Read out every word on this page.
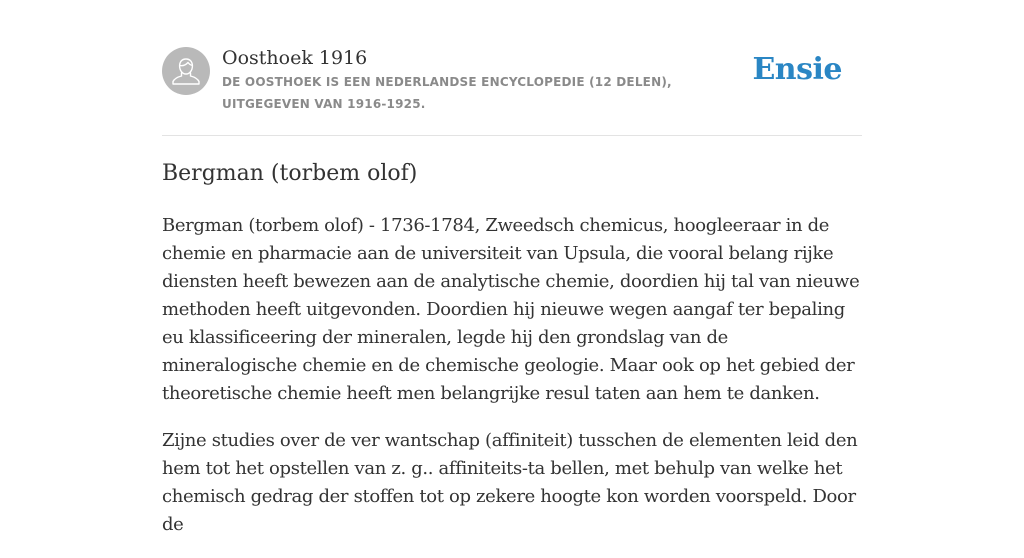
Oosthoek 1916
DE OOSTHOEK IS EEN NEDERLANDSE ENCYCLOPEDIE (12 DELEN), UITGEGEVEN VAN 1916-1925.
Ensie
Bergman (torbem olof)

Bergman (torbem olof) - 1736-1784, Zweedsch chemicus, hoogleeraar in de chemie en pharmacie aan de universiteit van Upsula, die vooral belang rijke diensten heeft bewezen aan de analytische chemie, doordien hij tal van nieuwe methoden heeft uitgevonden. Doordien hij nieuwe wegen aangaf ter bepaling eu klassificeering der mineralen, legde hij den grondslag van de mineralogische chemie en de chemische geologie. Maar ook op het gebied der theoretische chemie heeft men belangrijke resul taten aan hem te danken.

Zijne studies over de ver wantschap (affiniteit) tusschen de elementen leid den hem tot het opstellen van z. g.. affiniteits-ta bellen, met behulp van welke het chemisch gedrag der stoffen tot op zekere hoogte kon worden voorspeld. Door de
